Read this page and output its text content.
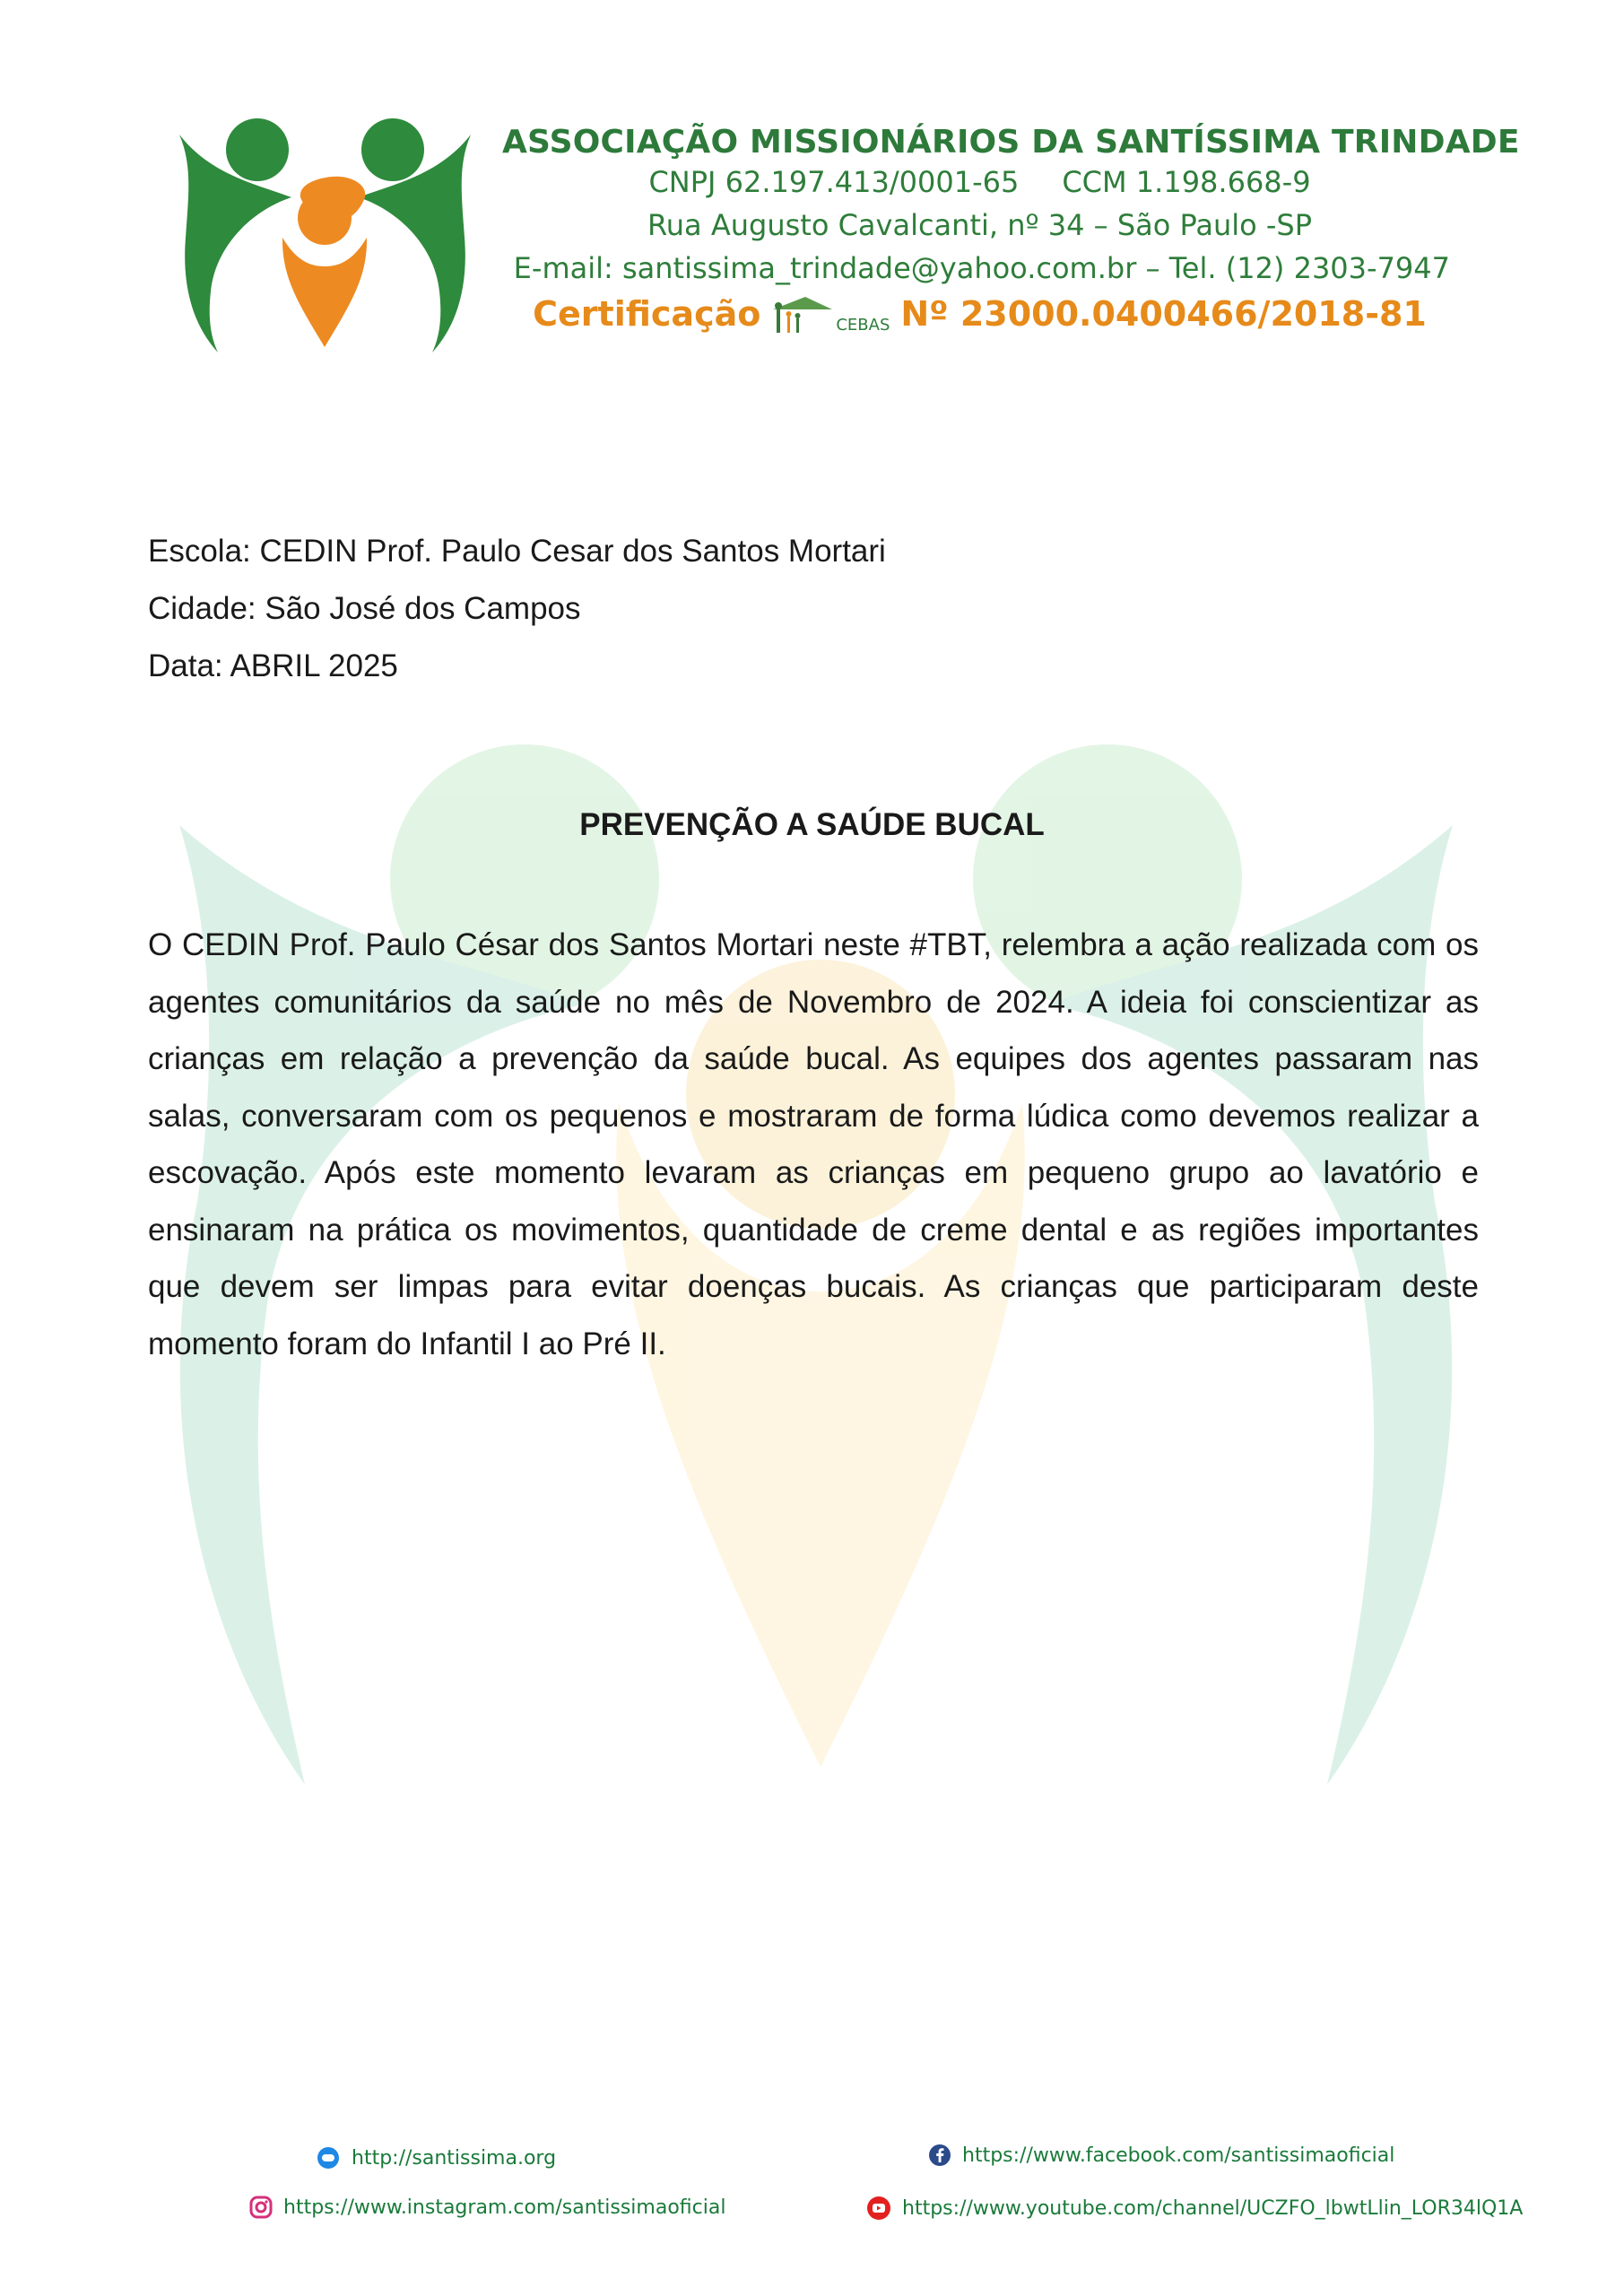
ASSOCIAÇÃO MISSIONÁRIOS DA SANTÍSSIMA TRINDADE
CNPJ 62.197.413/0001-65 CCM 1.198.668-9
Rua Augusto Cavalcanti, nº 34 – São Paulo -SP
E-mail: santissima_trindade@yahoo.com.br – Tel. (12) 2303-7947
Certificação	CEBAS Nº 23000.0400466/2018-81
Escola: CEDIN Prof. Paulo Cesar dos Santos Mortari
Cidade: São José dos Campos
Data: ABRIL 2025
PREVENÇÃO A SAÚDE BUCAL
O CEDIN Prof. Paulo César dos Santos Mortari neste #TBT, relembra a ação realizada com os agentes comunitários da saúde no mês de Novembro de 2024. A ideia foi conscientizar as crianças em relação a prevenção da saúde bucal. As equipes dos agentes passaram nas salas, conversaram com os pequenos e mostraram de forma lúdica como devemos realizar a escovação. Após este momento levaram as crianças em pequeno grupo ao lavatório e ensinaram na prática os movimentos, quantidade de creme dental e as regiões importantes que devem ser limpas para evitar doenças bucais. As crianças que participaram deste momento foram do Infantil I ao Pré II.
http://santissima.org	https://www.facebook.com/santissimaoficial
https://www.instagram.com/santissimaoficial	https://www.youtube.com/channel/UCZFO_lbwtLlin_LOR34lQ1A
